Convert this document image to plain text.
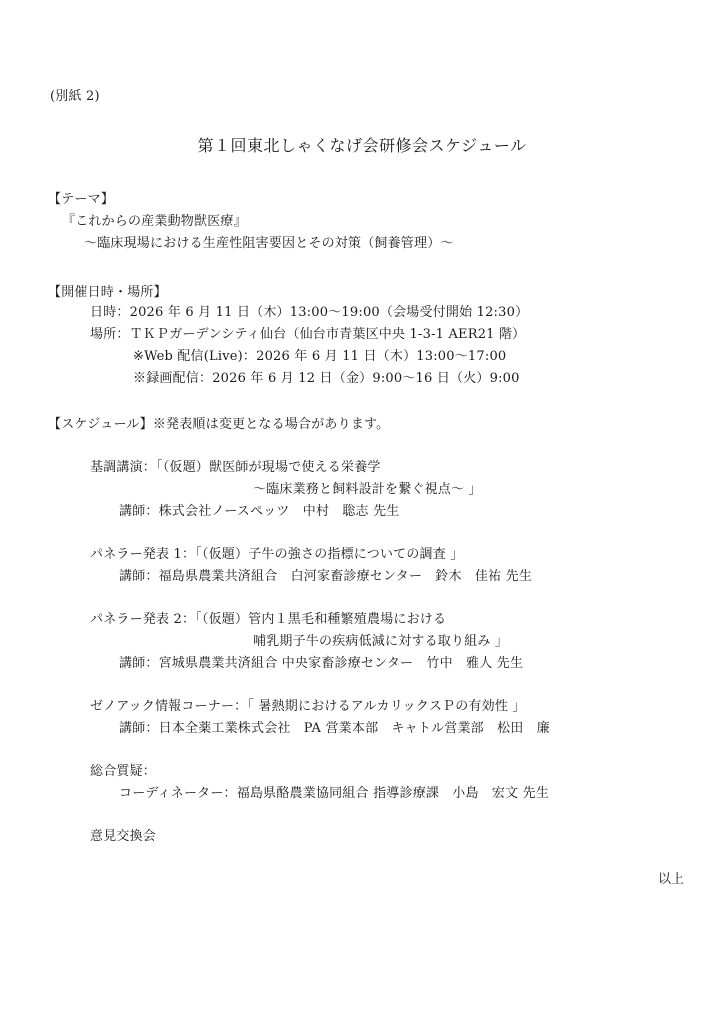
(別紙 2)
第１回東北しゃくなげ会研修会スケジュール
【テーマ】
『これからの産業動物獣医療』
～臨床現場における生産性阻害要因とその対策（飼養管理）～
【開催日時・場所】
日時：2026 年 6 月 11 日（木）13:00～19:00（会場受付開始 12:30）
場所：ＴＫＰガーデンシティ仙台（仙台市青葉区中央 1-3-1 AER21 階）
※Web 配信(Live)：2026 年 6 月 11 日（木）13:00～17:00
※録画配信：2026 年 6 月 12 日（金）9:00～16 日（火）9:00
【スケジュール】※発表順は変更となる場合があります。
基調講演：「（仮題）獣医師が現場で使える栄養学
～臨床業務と飼料設計を繋ぐ視点～ 」
講師：株式会社ノースペッツ　中村　聡志 先生
パネラー発表 1：「（仮題）子牛の強さの指標についての調査 」
講師：福島県農業共済組合　白河家畜診療センター　鈴木　佳祐 先生
パネラー発表 2：「（仮題）管内１黒毛和種繁殖農場における
哺乳期子牛の疾病低減に対する取り組み 」
講師：宮城県農業共済組合 中央家畜診療センター　竹中　雅人 先生
ゼノアック情報コーナー：「 暑熱期におけるアルカリックスＰの有効性 」
講師：日本全薬工業株式会社　PA 営業本部　キャトル営業部　松田　廉
総合質疑：
コーディネーター：福島県酪農業協同組合 指導診療課　小島　宏文 先生
意見交換会
以上
